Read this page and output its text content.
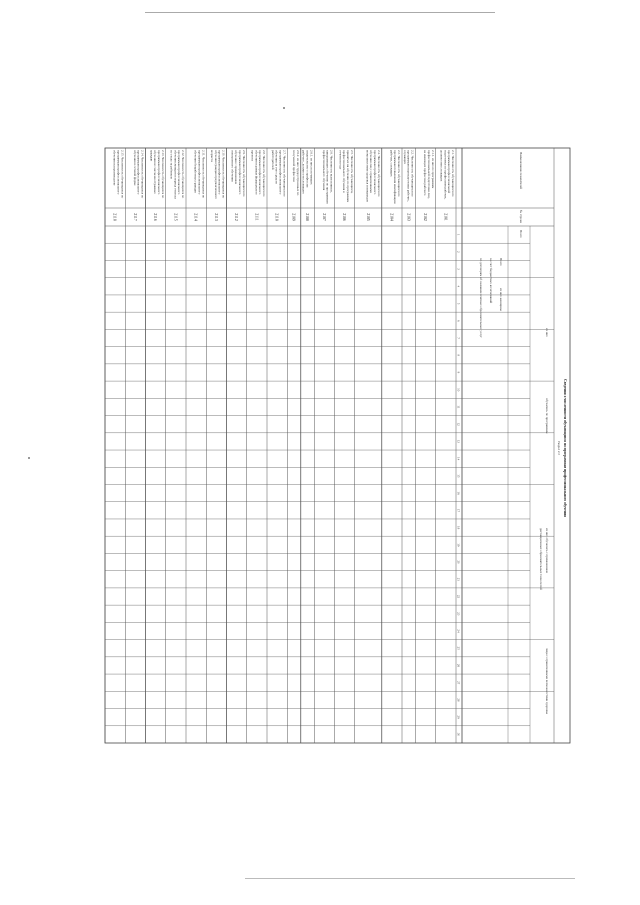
Сведения о численности обучающихся по программам профессионального обучения
Раздел 2.3
Наименование показателей
№ строки
Всего
из них
обучались по программам
из них обучались с применением
дистанционных образовательных технологий
лица с ограниченными возможностями здоровья
Всего
из них женщины
за счет бюджетных ассигнований
по договорам об оказании платных образовательных услуг
1
2
3
4
5
6
7
8
9
10
11
12
13
14
15
16
17
18
19
20
21
22
23
24
25
26
27
28
29
30
2.1. Численность обучающихся по
программам профессиональной
подготовки по профессиям рабочих,
должностям служащих
2101
2.1.1. из них по программам
профессиональной подготовки лиц,
не имеющих профессии рабочего
2102
2.2. Численность обучающихся по
программам переподготовки рабочих,
служащих
2103
2.3. Численность обучающихся по
программам повышения квалификации
рабочих, служащих
2104
2.4. Численность обучающихся по
программам профессионального
обучения лиц с ограниченными
возможностями здоровья и инвалидов
2105
2.5. Численность обучающихся,
принятых на обучение по программам
профессионального обучения в
отчетном году
2106
2.6. Численность выпускников,
завершивших обучение по программам
профессионального обучения
2107
2.6.1. из них получивших
свидетельство о профессии
рабочего, должности служащего
2108
2.6.2. из них трудоустроенных по
полученной профессии
2109
2.7. Численность обучающихся по
программам профессионального
обучения за счет средств
работодателей
2110
2.8. Численность обучающихся по
программам профессионального
обучения в рамках федерального
проекта
2111
2.9. Численность обучающихся по
программам профессионального
обучения с применением
электронного обучения
2112
2.10. Численность обучающихся по
программам профессионального
обучения граждан предпенсионного
возраста
2113
2.11. Численность обучающихся по
программам профессионального
обучения безработных граждан
2114
2.12. Численность обучающихся по
программам профессионального
обучения женщин в период отпуска
по уходу за ребенком
2115
2.13. Численность обучающихся по
программам профессионального
обучения из числа иностранных
граждан
2116
2.14. Численность обучающихся по
программам профессионального
обучения в сетевой форме
2117
2.15. Численность обучающихся по
программам профессионального
обучения на производстве
2118
